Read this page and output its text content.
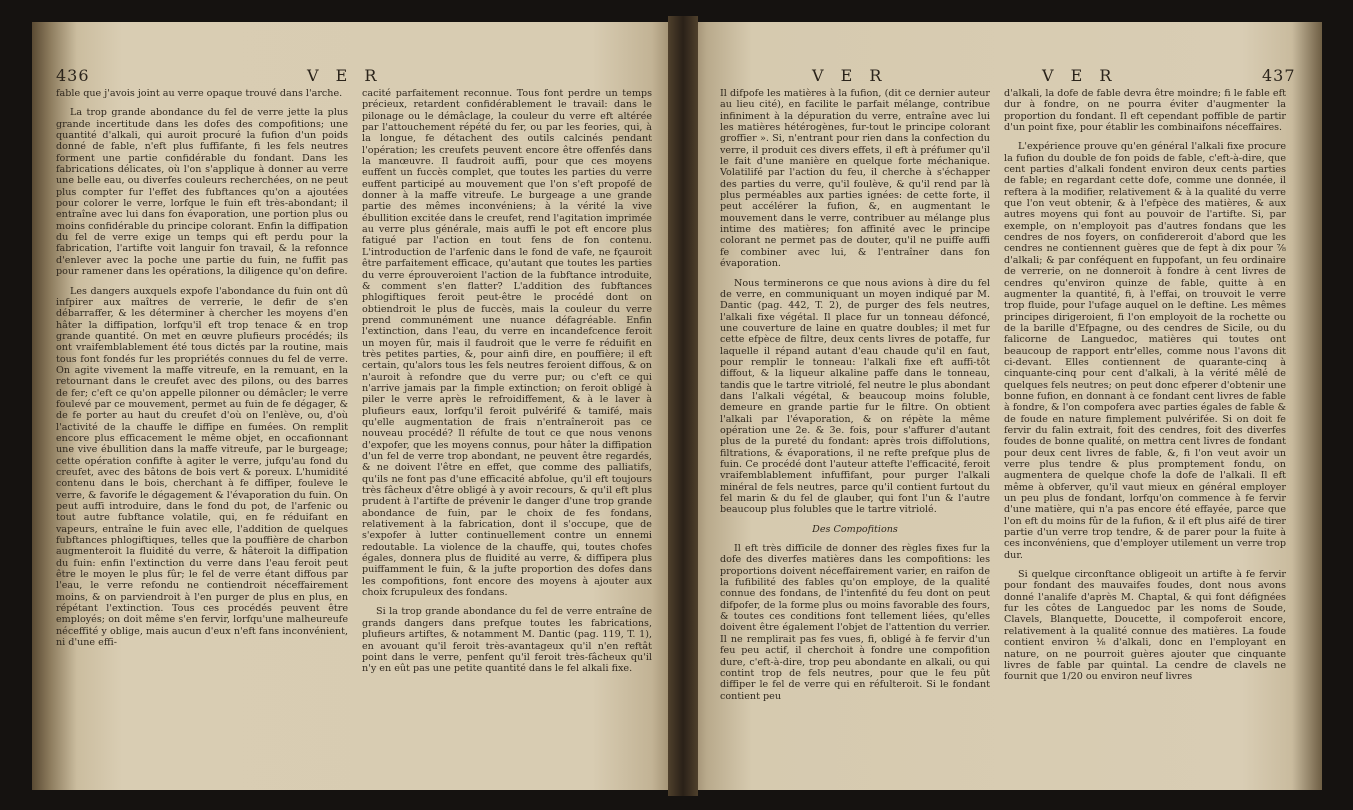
436	V E R

fable que j'avois joint au verre opaque trouvé dans l'arche.

La trop grande abondance du fel de verre jette la plus grande incertitude dans les dofes des compofitions; une quantité d'alkali, qui auroit procuré la fufion d'un poids donné de fable, n'eft plus fuffifante, fi les fels neutres forment une partie confidérable du fondant. Dans les fabrications délicates, où l'on s'applique à donner au verre une belle eau, ou diverfes couleurs recherchées, on ne peut plus compter fur l'effet des fubftances qu'on a ajoutées pour colorer le verre, lorfque le fuin eft très-abondant; il entraîne avec lui dans fon évaporation, une portion plus ou moins confidérable du principe colorant. Enfin la diffipation du fel de verre exige un temps qui eft perdu pour la fabrication, l'artifte voit languir fon travail, & la refonnce d'enlever avec la poche une partie du fuin, ne fuffit pas pour ramener dans les opérations, la diligence qu'on defire.

Les dangers auxquels expofe l'abondance du fuin ont dû infpirer aux maîtres de verrerie, le defir de s'en débarraffer, & les déterminer à chercher les moyens d'en hâter la diffipation, lorfqu'il eft trop tenace & en trop grande quantité. On met en œuvre plufieurs procédés; ils ont vraifemblablement été tous dictés par la routine, mais tous font fondés fur les propriétés connues du fel de verre. On agite vivement la maffe vitreufe, en la remuant, en la retournant dans le creufet avec des pilons, ou des barres de fer; c'eft ce qu'on appelle pilonner ou démâcler; le verre foulevé par ce mouvement, permet au fuin de fe dégager, & de fe porter au haut du creufet d'où on l'enlève, ou, d'où l'activité de la chauffe le diffipe en fumées. On remplit encore plus efficacement le même objet, en occafionnant une vive ébullition dans la maffe vitreufe, par le burgeage; cette opération confifte à agiter le verre, jufqu'au fond du creufet, avec des bâtons de bois vert & poreux. L'humidité contenu dans le bois, cherchant à fe diffiper, fouleve le verre, & favorife le dégagement & l'évaporation du fuin. On peut auffi introduire, dans le fond du pot, de l'arfenic ou tout autre fubftance volatile, qui, en fe réduifant en vapeurs, entraîne le fuin avec elle, l'addition de quelques fubftances phlogiftiques, telles que la pouffière de charbon augmenteroit la fluidité du verre, & hâteroit la diffipation du fuin: enfin l'extinction du verre dans l'eau feroit peut être le moyen le plus fûr; le fel de verre étant diffous par l'eau, le verre refondu ne contiendroit néceffairement moins, & on parviendroit à l'en purger de plus en plus, en répétant l'extinction. Tous ces procédés peuvent être employés; on doit même s'en fervir, lorfqu'une malheureufe néceffité y oblige, mais aucun d'eux n'eft fans inconvénient, ni d'une effi-

cacité parfaitement reconnue. Tous font perdre un temps précieux, retardent confidérablement le travail: dans le pilonage ou le démâclage, la couleur du verre eft altérée par l'attouchement répété du fer, ou par les feories, qui, à la longue, fe détachent des outils calcinés pendant l'opération; les creufets peuvent encore être offenfés dans la manœuvre. Il faudroit auffi, pour que ces moyens euffent un fuccès complet, que toutes les parties du verre euffent participé au mouvement que l'on s'eft propofé de donner à la maffe vitreufe. Le burgeage a une grande partie des mêmes inconvéniens; à la vérité la vive ébullition excitée dans le creufet, rend l'agitation imprimée au verre plus générale, mais auffi le pot eft encore plus fatigué par l'action en tout fens de fon contenu. L'introduction de l'arfenic dans le fond de vafe, ne fçauroit être parfaitement efficace, qu'autant que toutes les parties du verre éprouveroient l'action de la fubftance introduite, & comment s'en flatter? L'addition des fubftances phlogiftiques feroit peut-être le procédé dont on obtiendroit le plus de fuccès, mais la couleur du verre prend communément une nuance défagréable. Enfin l'extinction, dans l'eau, du verre en incandefcence feroit un moyen fûr, mais il faudroit que le verre fe réduifit en très petites parties, &, pour ainfi dire, en pouffière; il eft certain, qu'alors tous les fels neutres feroient diffous, & on n'auroit à refondre que du verre pur; ou c'eft ce qui n'arrive jamais par la fimple extinction; on feroit obligé à piler le verre après le refroidiffement, & à le laver à plufieurs eaux, lorfqu'il feroit pulvérifé & tamifé, mais qu'elle augmentation de frais n'entraîneroit pas ce nouveau procédé? Il réfulte de tout ce que nous venons d'expofer, que les moyens connus, pour hâter la diffipation d'un fel de verre trop abondant, ne peuvent être regardés, & ne doivent l'être en effet, que comme des palliatifs, qu'ils ne font pas d'une efficacité abfolue, qu'il eft toujours très fâcheux d'être obligé à y avoir recours, & qu'il eft plus prudent à l'artifte de prévenir le danger d'une trop grande abondance de fuin, par le choix de fes fondans, relativement à la fabrication, dont il s'occupe, que de s'expofer à lutter continuellement contre un ennemi redoutable. La violence de la chauffe, qui, toutes chofes égales, donnera plus de fluidité au verre, & diffipera plus puiffamment le fuin, & la jufte proportion des dofes dans les compofitions, font encore des moyens à ajouter aux choix fcrupuleux des fondans.

Si la trop grande abondance du fel de verre entraîne de grands dangers dans prefque toutes les fabrications, plufieurs artiftes, & notamment M. Dantic (pag. 119, T. 1), en avouant qu'il feroit très-avantageux qu'il n'en reftât point dans le verre, penfent qu'il feroit très-fâcheux qu'il n'y en eût pas une petite quantité dans le fel alkali fixe.

V E R	V E R	437

Il difpofe les matières à la fufion, (dit ce dernier auteur au lieu cité), en facilite le parfait mélange, contribue infiniment à la dépuration du verre, entraîne avec lui les matières hétérogènes, fur-tout le principe colorant groffier ». Si, n'entrant pour rien dans la confection du verre, il produit ces divers effets, il eft à préfumer qu'il le fait d'une manière en quelque forte méchanique. Volatilifé par l'action du feu, il cherche à s'échapper des parties du verre, qu'il foulève, & qu'il rend par là plus perméables aux parties ignées: de cette forte, il peut accélérer la fufion, &, en augmentant le mouvement dans le verre, contribuer au mélange plus intime des matières; fon affinité avec le principe colorant ne permet pas de douter, qu'il ne puiffe auffi fe combiner avec lui, & l'entraîner dans fon évaporation.

Nous terminerons ce que nous avions à dire du fel de verre, en communiquant un moyen indiqué par M. Dantic (pag. 442, T. 2), de purger des fels neutres, l'alkali fixe végétal. Il place fur un tonneau défoncé, une couverture de laine en quatre doubles; il met fur cette efpèce de filtre, deux cents livres de potaffe, fur laquelle il répand autant d'eau chaude qu'il en faut, pour remplir le tonneau: l'alkali fixe eft auffi-tôt diffout, & la liqueur alkaline paffe dans le tonneau, tandis que le tartre vitriolé, fel neutre le plus abondant dans l'alkali végétal, & beaucoup moins foluble, demeure en grande partie fur le filtre. On obtient l'alkali par l'évaporation, & on répète la même opération une 2e. & 3e. fois, pour s'affurer d'autant plus de la pureté du fondant: après trois diffolutions, filtrations, & évaporations, il ne refte prefque plus de fuin. Ce procédé dont l'auteur attefte l'efficacité, feroit vraifemblablement infuffifant, pour purger l'alkali minéral de fels neutres, parce qu'il contient furtout du fel marin & du fel de glauber, qui font l'un & l'autre beaucoup plus folubles que le tartre vitriolé.

Des Compofitions

Il eft très difficile de donner des règles fixes fur la dofe des diverfes matières dans les compofitions: les proportions doivent néceffairement varier, en raifon de la fufibilité des fables qu'on employe, de la qualité connue des fondans, de l'intenfité du feu dont on peut difpofer, de la forme plus ou moins favorable des fours, & toutes ces conditions font tellement liées, qu'elles doivent être également l'objet de l'attention du verrier. Il ne remplirait pas fes vues, fi, obligé à fe fervir d'un feu peu actif, il cherchoit à fondre une compofition dure, c'eft-à-dire, trop peu abondante en alkali, ou qui contint trop de fels neutres, pour que le feu pût diffiper le fel de verre qui en réfulteroit. Si le fondant contient peu

d'alkali, la dofe de fable devra être moindre; fi le fable eft dur à fondre, on ne pourra éviter d'augmenter la proportion du fondant. Il eft cependant poffible de partir d'un point fixe, pour établir les combinaifons néceffaires.

L'expérience prouve qu'en général l'alkali fixe procure la fufion du double de fon poids de fable, c'eft-à-dire, que cent parties d'alkali fondent environ deux cents parties de fable; en regardant cette dofe, comme une donnée, il reftera à la modifier, relativement & à la qualité du verre que l'on veut obtenir, & à l'efpèce des matières, & aux autres moyens qui font au pouvoir de l'artifte. Si, par exemple, on n'employoit pas d'autres fondans que les cendres de nos foyers, on confidereroit d'abord que les cendres ne contiennent guères que de fept à dix pour ⅞ d'alkali; & par conféquent en fuppofant, un feu ordinaire de verrerie, on ne donneroit à fondre à cent livres de cendres qu'environ quinze de fable, quitte à en augmenter la quantité, fi, à l'effai, on trouvoit le verre trop fluide, pour l'ufage auquel on le deftine. Les mêmes principes dirigeroient, fi l'on employoit de la rochette ou de la barille d'Efpagne, ou des cendres de Sicile, ou du falicorne de Languedoc, matières qui toutes ont beaucoup de rapport entr'elles, comme nous l'avons dit ci-devant. Elles contiennent de quarante-cinq à cinquante-cinq pour cent d'alkali, à la vérité mêlé de quelques fels neutres; on peut donc efperer d'obtenir une bonne fufion, en donnant à ce fondant cent livres de fable à fondre, & l'on compofera avec parties égales de fable & de foude en nature fimplement pulvérifée. Si on doit fe fervir du falin extrait, foit des cendres, foit des diverfes foudes de bonne qualité, on mettra cent livres de fondant pour deux cent livres de fable, &, fi l'on veut avoir un verre plus tendre & plus promptement fondu, on augmentera de quelque chofe la dofe de l'alkali. Il eft même à obferver, qu'il vaut mieux en général employer un peu plus de fondant, lorfqu'on commence à fe fervir d'une matière, qui n'a pas encore été effayée, parce que l'on eft du moins fûr de la fufion, & il eft plus aifé de tirer partie d'un verre trop tendre, & de parer pour la fuite à ces inconvéniens, que d'employer utilement un verre trop dur.

Si quelque circonftance obligeoit un artifte à fe fervir pour fondant des mauvaifes foudes, dont nous avons donné l'analife d'après M. Chaptal, & qui font défignées fur les côtes de Languedoc par les noms de Soude, Clavels, Blanquette, Doucette, il compoferoit encore, relativement à la qualité connue des matières. La foude contient environ ⅛ d'alkali, donc en l'employant en nature, on ne pourroit guères ajouter que cinquante livres de fable par quintal. La cendre de clavels ne fournit que 1/20 ou environ neuf livres
